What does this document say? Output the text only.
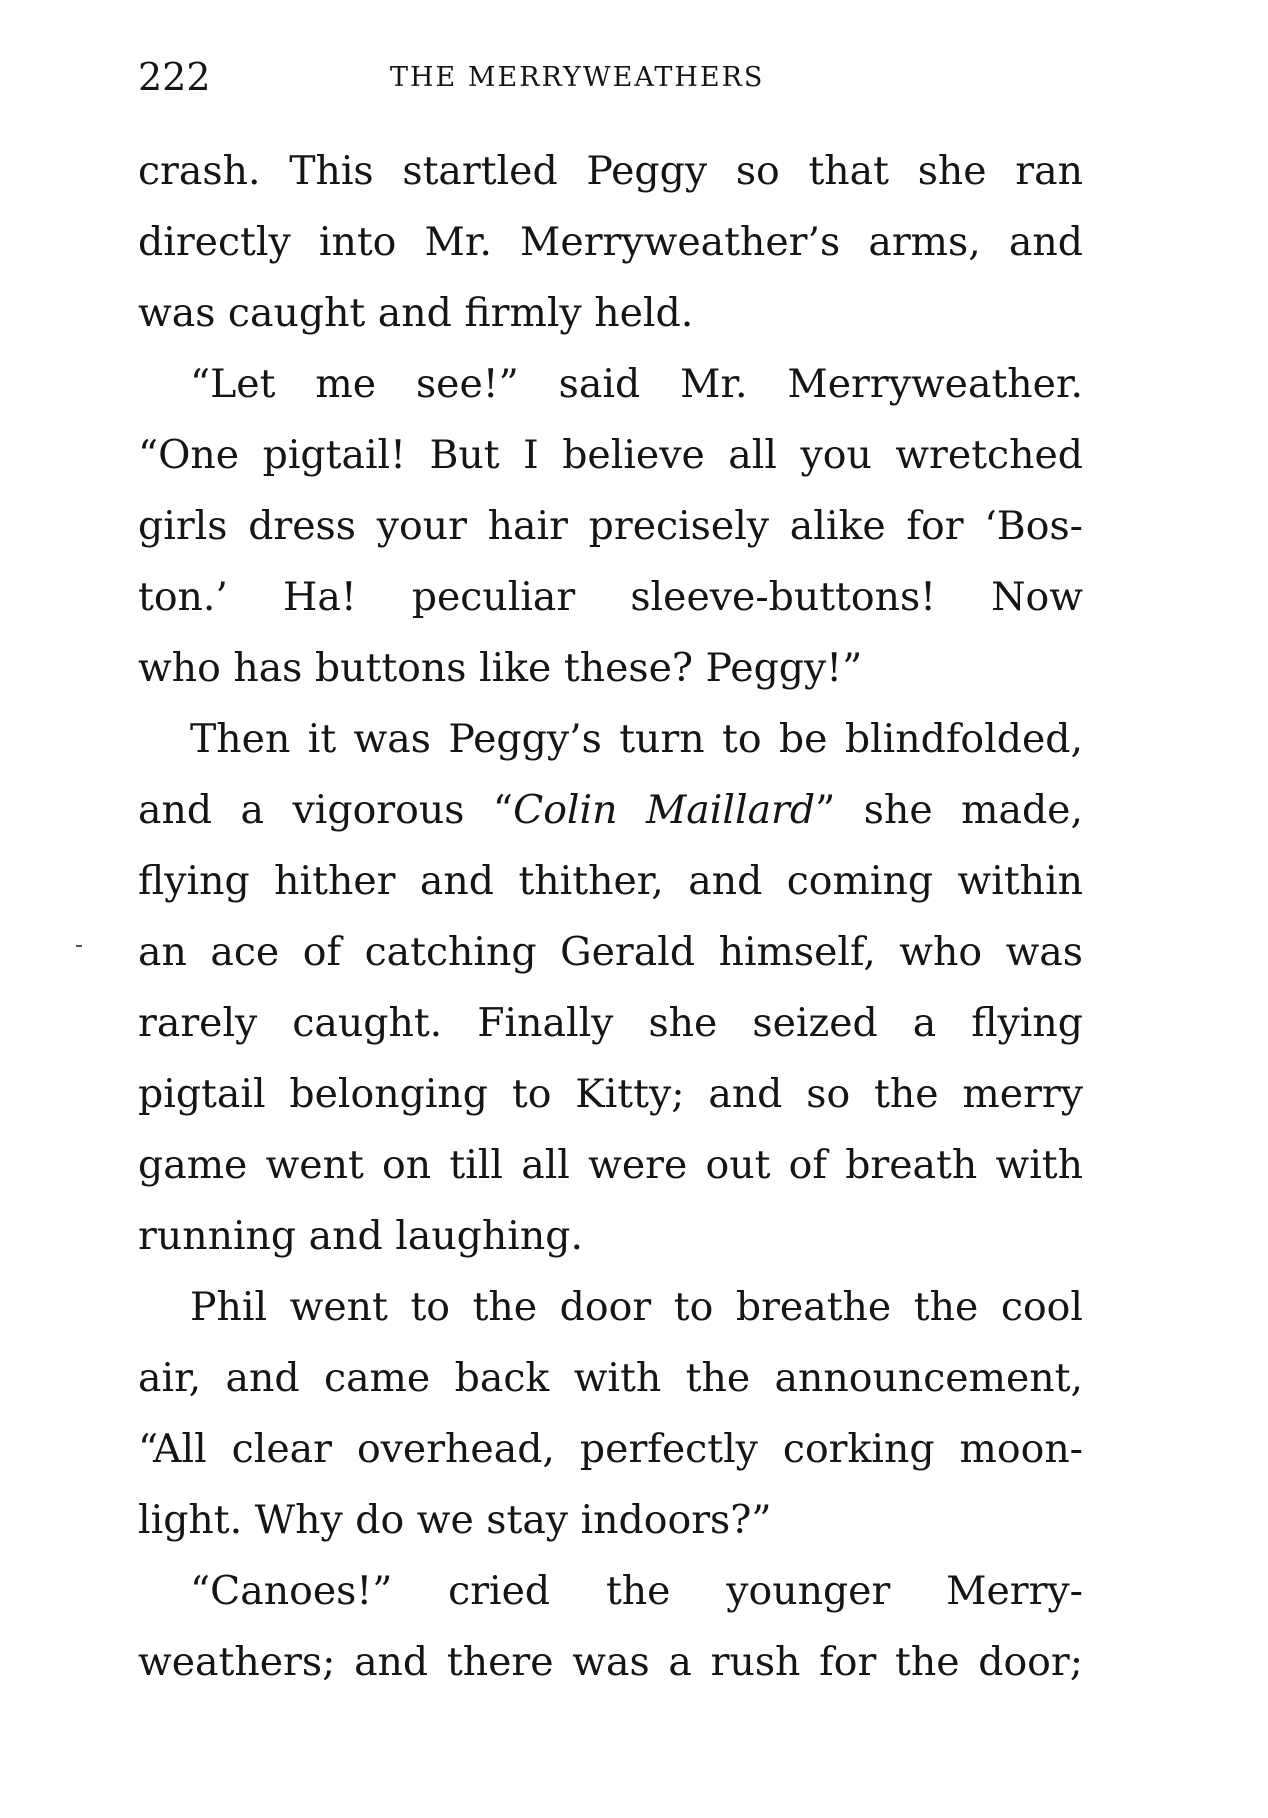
222	THE MERRYWEATHERS
crash. This startled Peggy so that she ran
directly into Mr. Merryweather’s arms, and
was caught and firmly held.
“Let me see!” said Mr. Merryweather.
“One pigtail! But I believe all you wretched
girls dress your hair precisely alike for ‘Bos-
ton.’ Ha! peculiar sleeve-buttons! Now
who has buttons like these? Peggy!”
Then it was Peggy’s turn to be blindfolded,
and a vigorous “Colin Maillard” she made,
flying hither and thither, and coming within
an ace of catching Gerald himself, who was
rarely caught. Finally she seized a flying
pigtail belonging to Kitty; and so the merry
game went on till all were out of breath with
running and laughing.
Phil went to the door to breathe the cool
air, and came back with the announcement,
“All clear overhead, perfectly corking moon-
light. Why do we stay indoors?”
“Canoes!” cried the younger Merry-
weathers; and there was a rush for the door;
